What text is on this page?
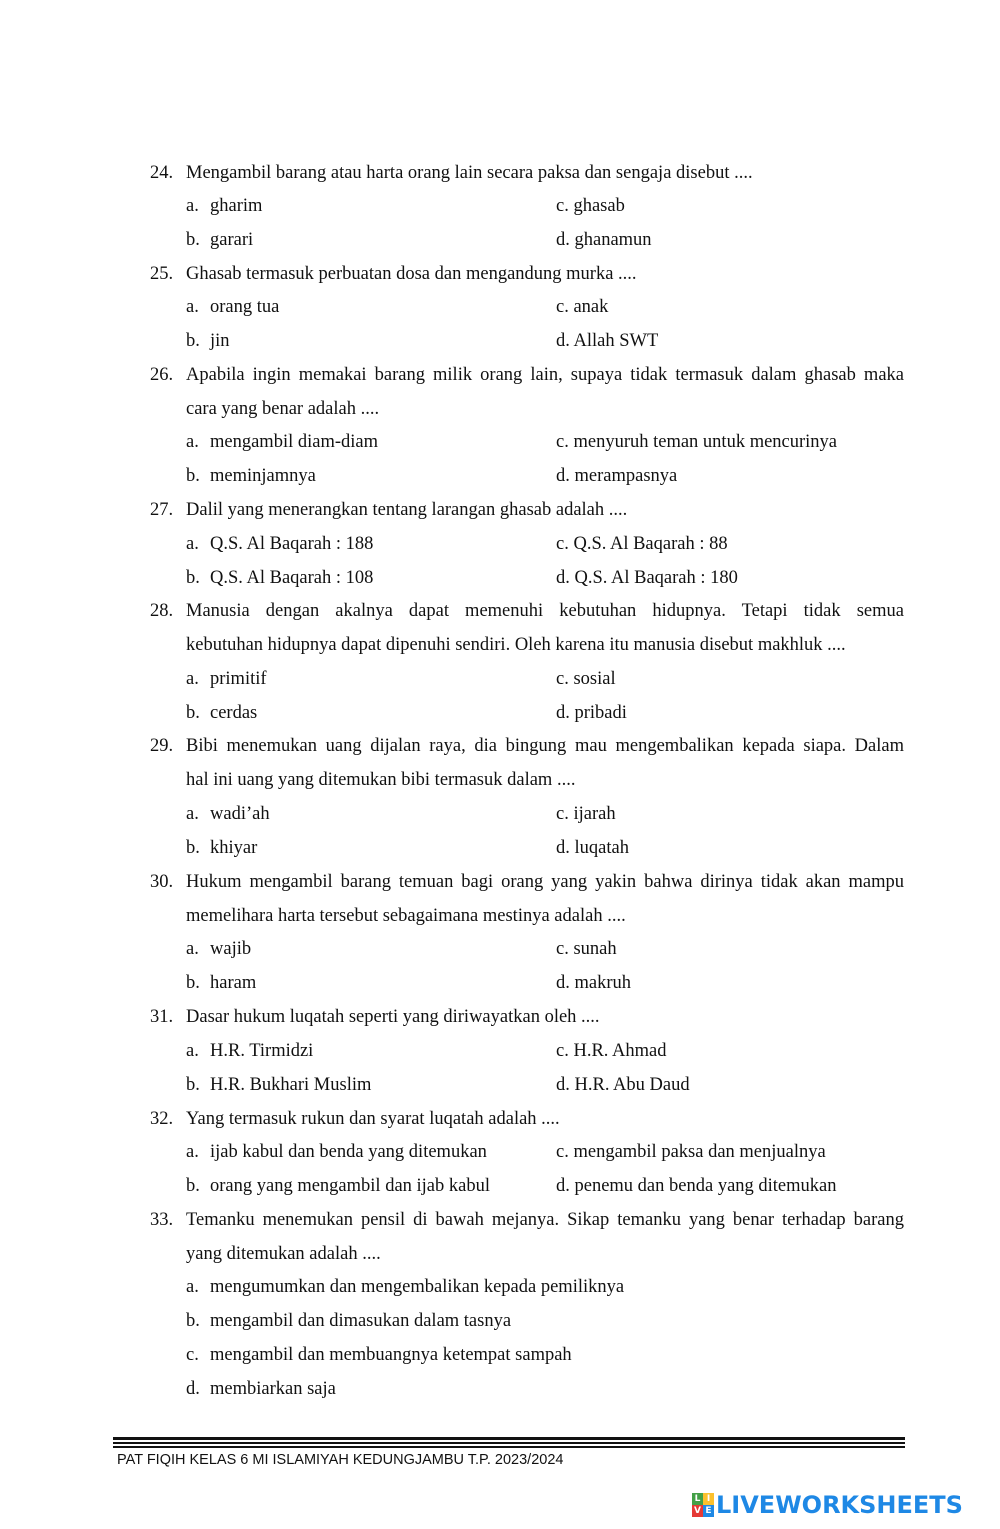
24. Mengambil barang atau harta orang lain secara paksa dan sengaja disebut ....
a. gharim	c. ghasab
b. garari	d. ghanamun
25. Ghasab termasuk perbuatan dosa dan mengandung murka ....
a. orang tua	c. anak
b. jin	d. Allah SWT
26. Apabila ingin memakai barang milik orang lain, supaya tidak termasuk dalam ghasab maka
cara yang benar adalah ....
a. mengambil diam-diam	c. menyuruh teman untuk mencurinya
b. meminjamnya	d. merampasnya
27. Dalil yang menerangkan tentang larangan ghasab adalah ....
a. Q.S. Al Baqarah : 188	c. Q.S. Al Baqarah : 88
b. Q.S. Al Baqarah : 108	d. Q.S. Al Baqarah : 180
28. Manusia dengan akalnya dapat memenuhi kebutuhan hidupnya. Tetapi tidak semua
kebutuhan hidupnya dapat dipenuhi sendiri. Oleh karena itu manusia disebut makhluk ....
a. primitif	c. sosial
b. cerdas	d. pribadi
29. Bibi menemukan uang dijalan raya, dia bingung mau mengembalikan kepada siapa. Dalam
hal ini uang yang ditemukan bibi termasuk dalam ....
a. wadi’ah	c. ijarah
b. khiyar	d. luqatah
30. Hukum mengambil barang temuan bagi orang yang yakin bahwa dirinya tidak akan mampu
memelihara harta tersebut sebagaimana mestinya adalah ....
a. wajib	c. sunah
b. haram	d. makruh
31. Dasar hukum luqatah seperti yang diriwayatkan oleh ....
a. H.R. Tirmidzi	c. H.R. Ahmad
b. H.R. Bukhari Muslim	d. H.R. Abu Daud
32. Yang termasuk rukun dan syarat luqatah adalah ....
a. ijab kabul dan benda yang ditemukan	c. mengambil paksa dan menjualnya
b. orang yang mengambil dan ijab kabul	d. penemu dan benda yang ditemukan
33. Temanku menemukan pensil di bawah mejanya. Sikap temanku yang benar terhadap barang
yang ditemukan adalah ....
a. mengumumkan dan mengembalikan kepada pemiliknya
b. mengambil dan dimasukan dalam tasnya
c. mengambil dan membuangnya ketempat sampah
d. membiarkan saja
PAT FIQIH KELAS 6 MI ISLAMIYAH KEDUNGJAMBU T.P. 2023/2024
L I
V E LIVEWORKSHEETS
